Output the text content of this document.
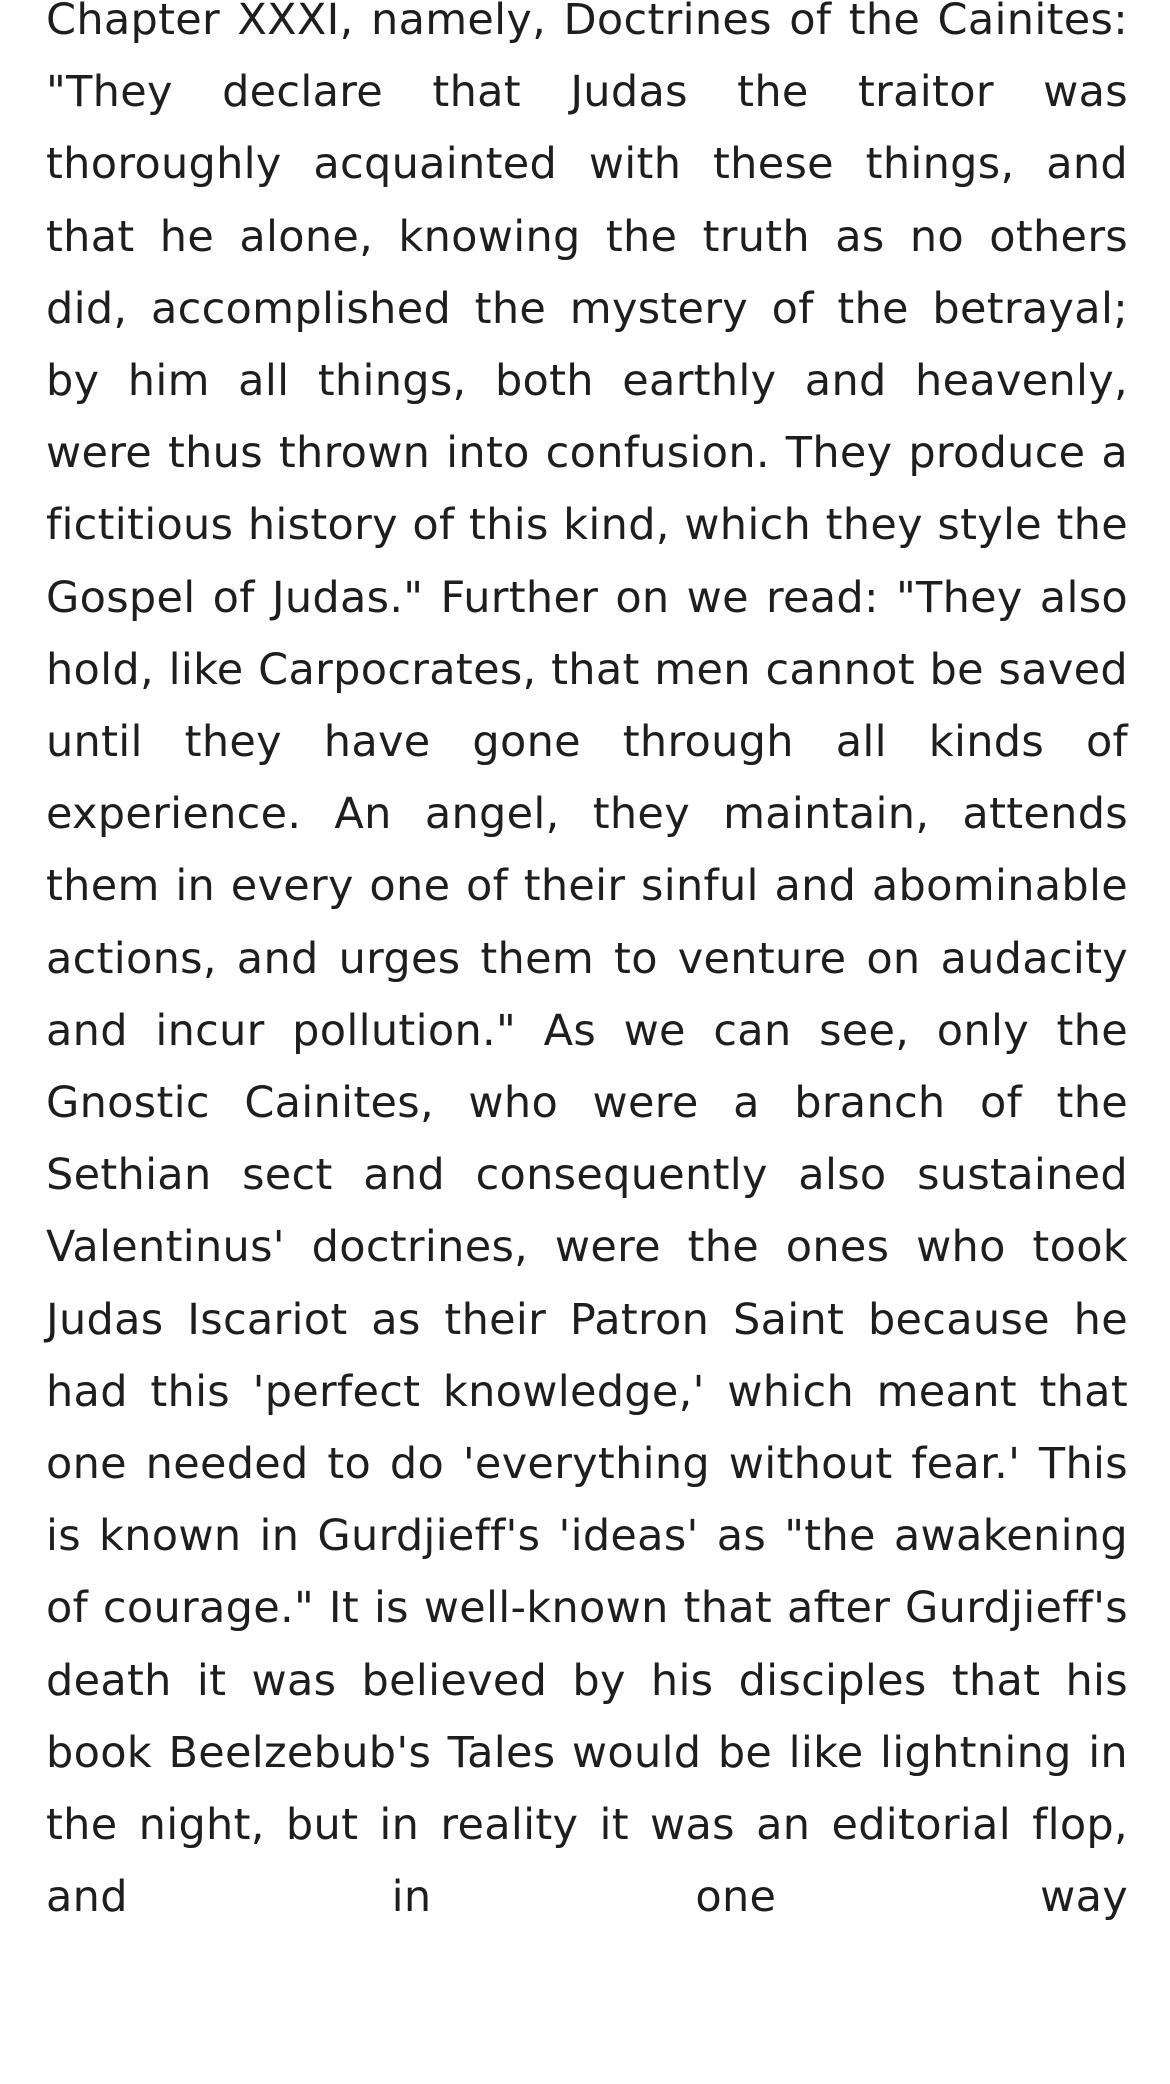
Chapter XXXI, namely, Doctrines of the Cainites: "They declare that Judas the traitor was thoroughly acquainted with these things, and that he alone, knowing the truth as no others did, accomplished the mystery of the betrayal; by him all things, both earthly and heavenly, were thus thrown into confusion. They produce a fictitious history of this kind, which they style the Gospel of Judas." Further on we read: "They also hold, like Carpocrates, that men cannot be saved until they have gone through all kinds of experience. An angel, they maintain, attends them in every one of their sinful and abominable actions, and urges them to venture on audacity and incur pollution." As we can see, only the Gnostic Cainites, who were a branch of the Sethian sect and consequently also sustained Valentinus' doctrines, were the ones who took Judas Iscariot as their Patron Saint because he had this 'perfect knowledge,' which meant that one needed to do 'everything without fear.' This is known in Gurdjieff's 'ideas' as "the awakening of courage." It is well-known that after Gurdjieff's death it was believed by his disciples that his book Beelzebub's Tales would be like lightning in the night, but in reality it was an editorial flop, and in one way
